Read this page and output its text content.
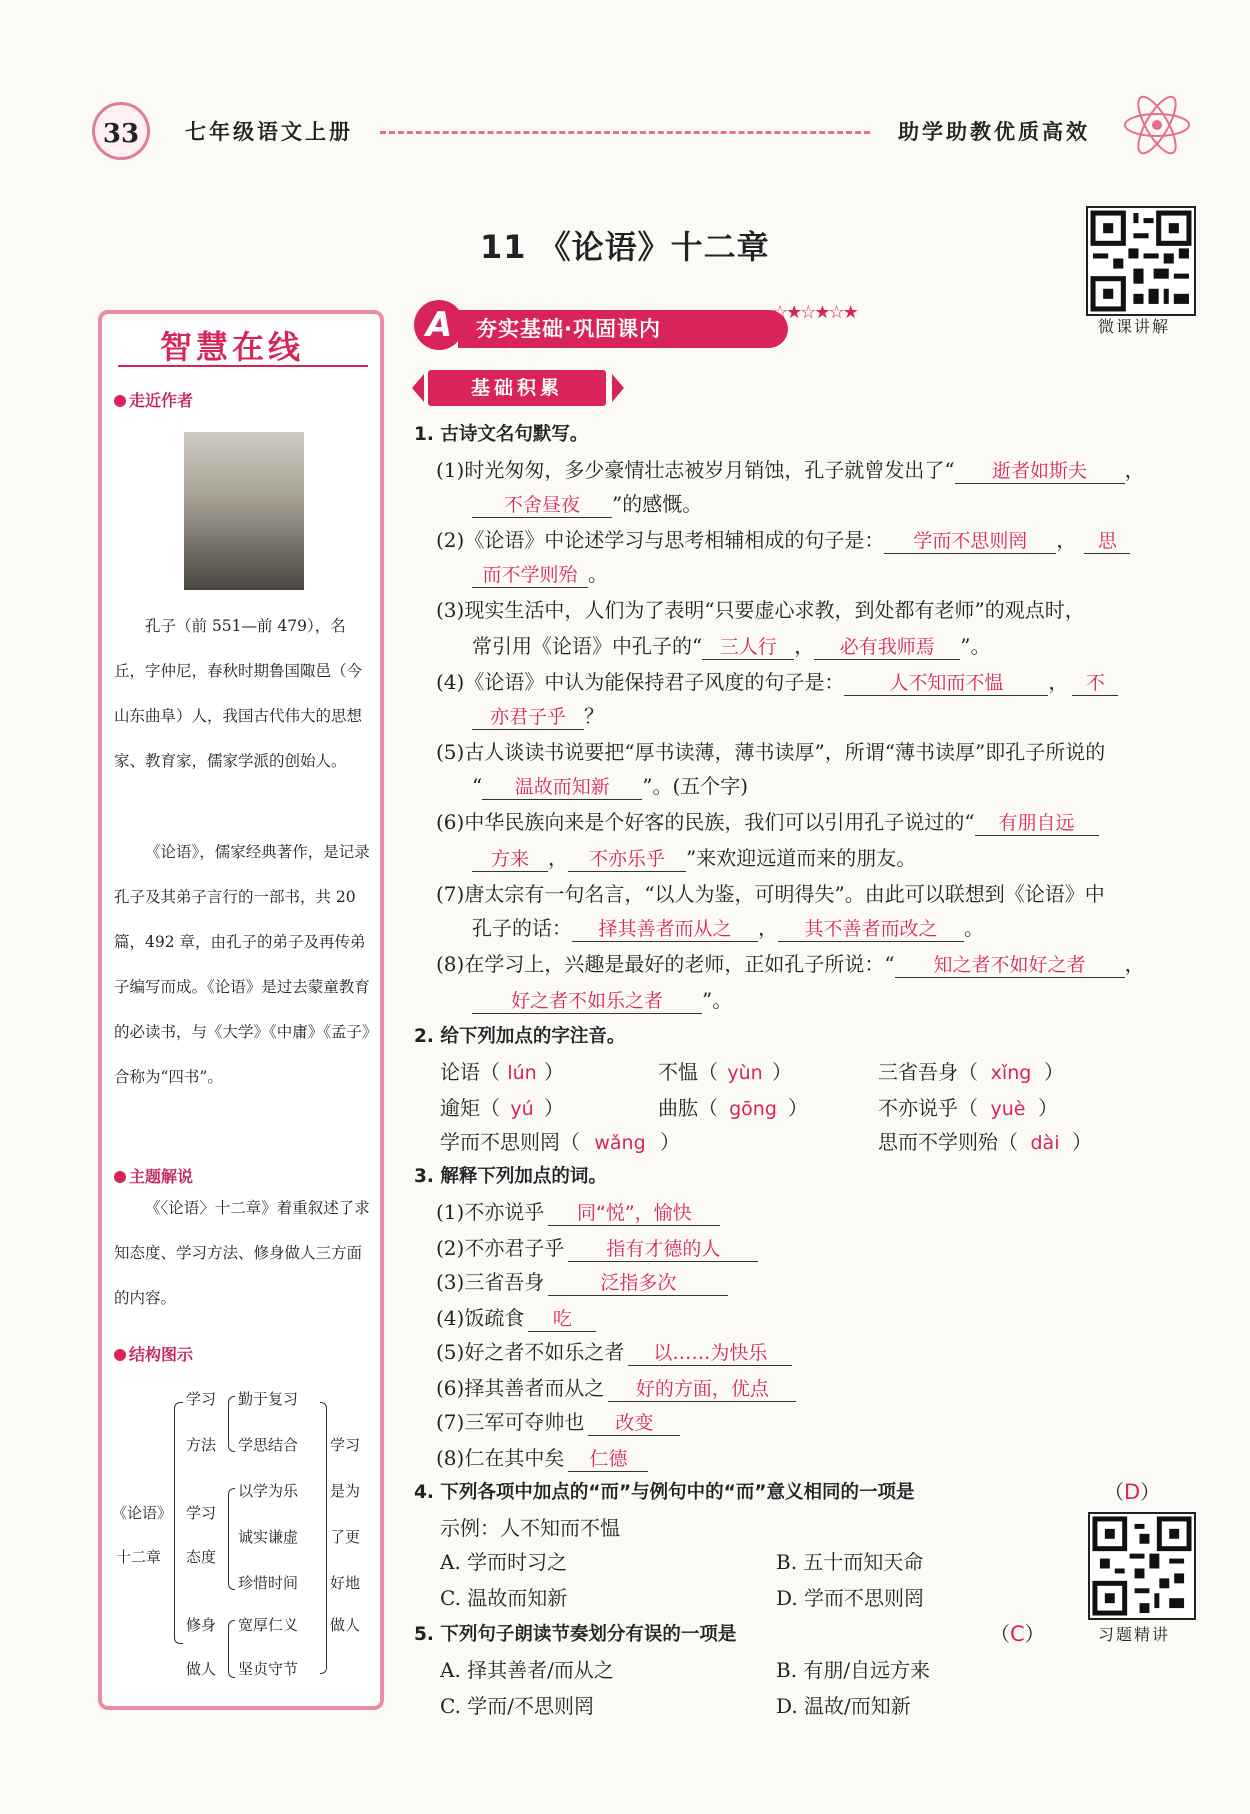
33	七年级语文上册	助学助教优质高效
11 《论语》十二章
微课讲解
智慧在线
走近作者
孔子（前 551—前 479），名丘，字仲尼，春秋时期鲁国陬邑（今山东曲阜）人，我国古代伟大的思想家、教育家，儒家学派的创始人。
《论语》，儒家经典著作，是记录孔子及其弟子言行的一部书，共 20 篇，492 章，由孔子的弟子及再传弟子编写而成。《论语》是过去蒙童教育的必读书，与《大学》《中庸》《孟子》合称为“四书”。
主题解说
《〈论语〉十二章》着重叙述了求知态度、学习方法、修身做人三方面的内容。
结构图示
《论语》
十二章
学习
方法
学习
态度
修身
做人
勤于复习
学思结合
以学为乐
诚实谦虚
珍惜时间
宽厚仁义
坚贞守节
学习
是为
了更
好地
做人
夯实基础·巩固课内
A	☆★☆★☆★
基础积累
1. 古诗文名句默写。
(1)时光匆匆，多少豪情壮志被岁月销蚀，孔子就曾发出了“ 逝者如斯夫 ，
不舍昼夜 ”的感慨。
(2)《论语》中论述学习与思考相辅相成的句子是： 学而不思则罔 ， 思
而不学则殆 。
(3)现实生活中，人们为了表明“只要虚心求教，到处都有老师”的观点时，
常引用《论语》中孔子的“ 三人行 ， 必有我师焉 ”。
(4)《论语》中认为能保持君子风度的句子是： 人不知而不愠 ， 不
亦君子乎 ？
(5)古人谈读书说要把“厚书读薄，薄书读厚”，所谓“薄书读厚”即孔子所说的
“ 温故而知新 ”。(五个字)
(6)中华民族向来是个好客的民族，我们可以引用孔子说过的“ 有朋自远
方来 ， 不亦乐乎 ”来欢迎远道而来的朋友。
(7)唐太宗有一句名言，“以人为鉴，可明得失”。由此可以联想到《论语》中
孔子的话： 择其善者而从之 ， 其不善者而改之 。
(8)在学习上，兴趣是最好的老师，正如孔子所说：“ 知之者不如好之者 ，
好之者不如乐之者 ”。
2. 给下列加点的字注音。
论语（ lún ）	不愠（ yùn ）	三省吾身（ xǐng ）
逾矩（ yú ）	曲肱（ gōng ）	不亦说乎（ yuè ）
学而不思则罔（ wǎng ）	思而不学则殆（ dài ）
3. 解释下列加点的词。
(1)不亦说乎 同“悦”，愉快
(2)不亦君子乎 指有才德的人
(3)三省吾身	泛指多次
(4)饭疏食 吃
(5)好之者不如乐之者 以……为快乐
(6)择其善者而从之 好的方面，优点
(7)三军可夺帅也 改变
(8)仁在其中矣 仁德
4. 下列各项中加点的“而”与例句中的“而”意义相同的一项是	（D）
示例：人不知而不愠
A. 学而时习之	B. 五十而知天命
C. 温故而知新	D. 学而不思则罔
习题精讲
5. 下列句子朗读节奏划分有误的一项是	（C）
A. 择其善者/而从之	B. 有朋/自远方来
C. 学而/不思则罔	D. 温故/而知新
